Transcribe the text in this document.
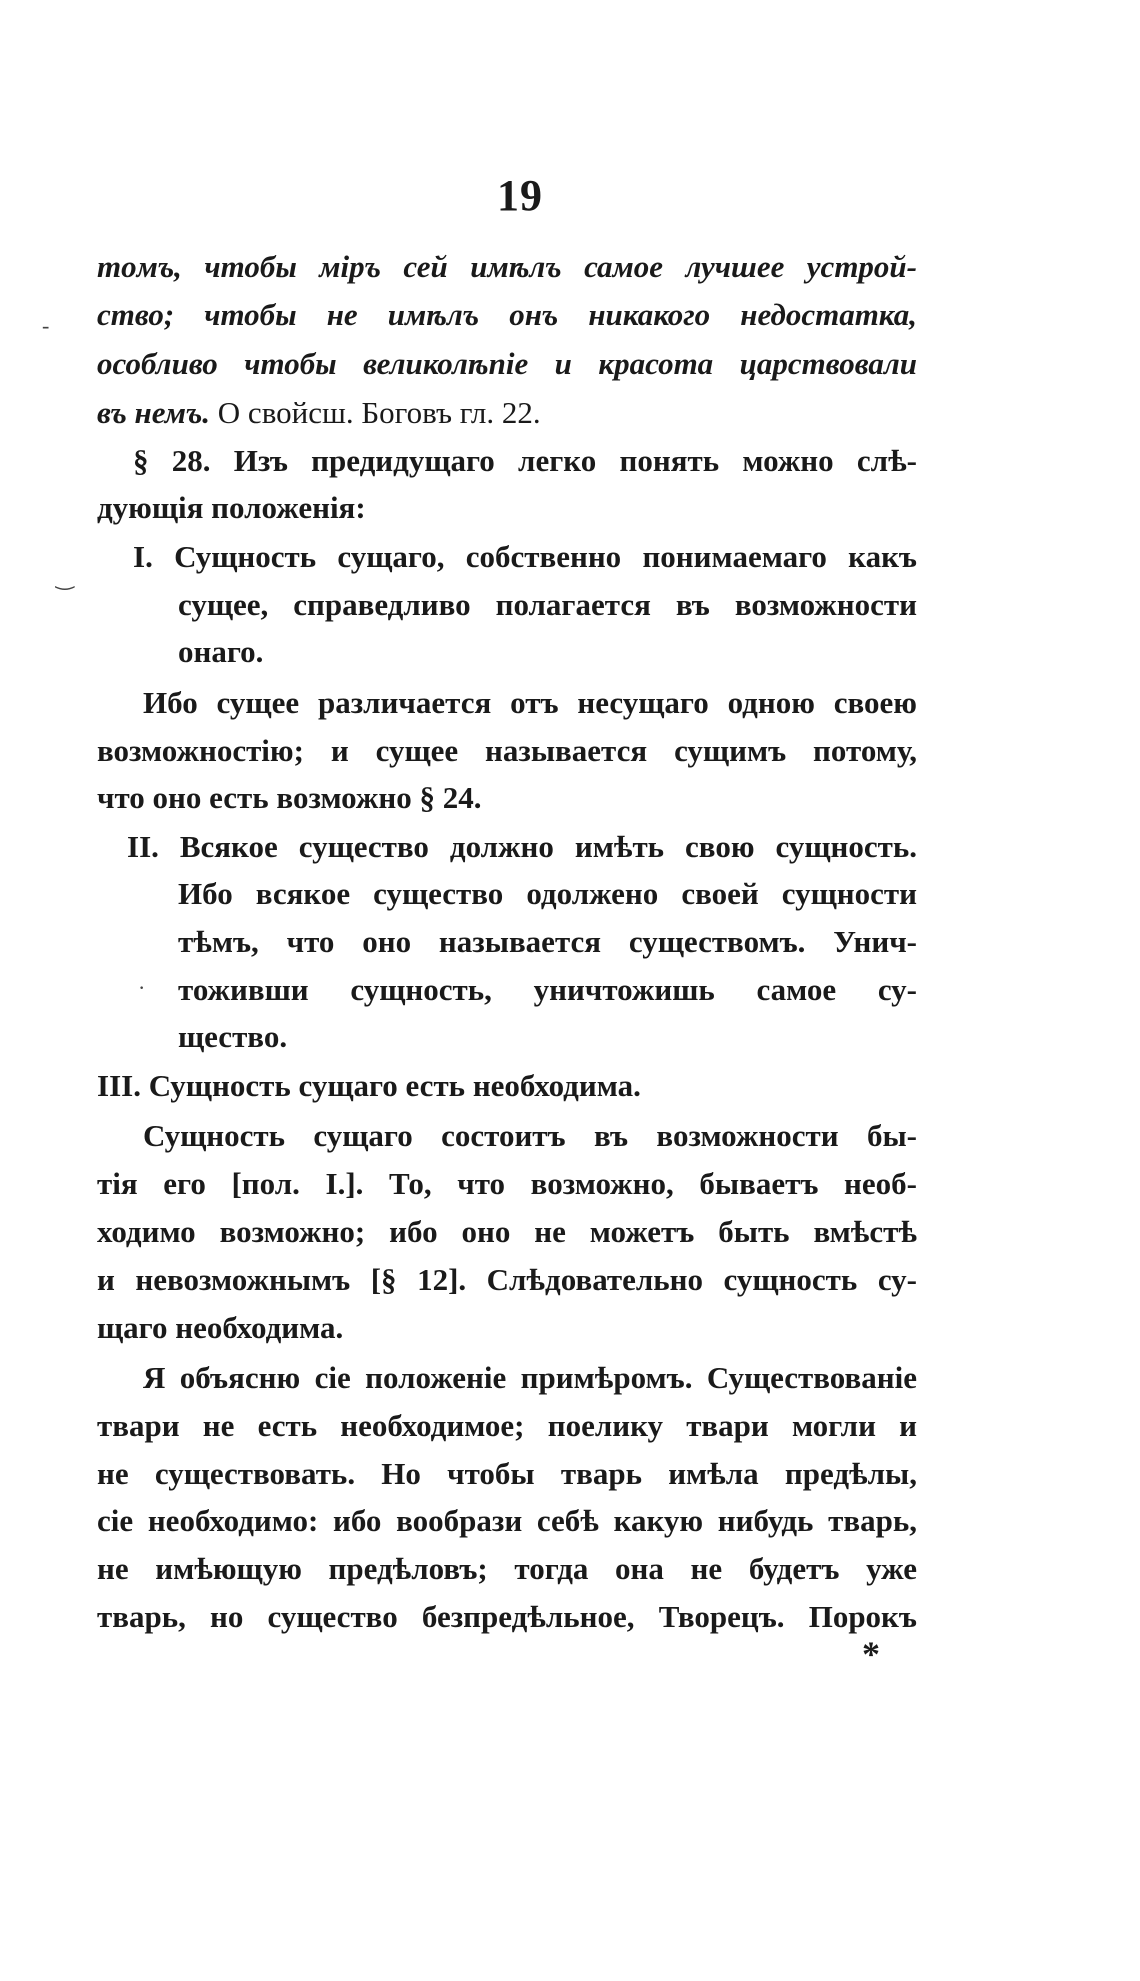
19
-
‿
·
тoмъ, чтобы міръ сей имѣлъ самое лучшее устрой-
ство; чтобы не имѣлъ онъ никакого недостатка,
особливо чтобы великолѣпіе и красота царствовали
въ немъ. О свойсш. Боговъ гл. 22.
§ 28. Изъ предидущаго легко понять можно слѣ-
дующія положенія:
I. Сущность сущаго, собственно понимаемаго какъ
сущее, справедливо полагается въ возможности
онаго.
Ибо сущее различается отъ несущаго одною своею
возможностію; и сущее называется сущимъ потому,
что оно есть возможно § 24.
II. Всякое существо должно имѣть свою сущность.
Ибо всякое существо одолжено своей сущности
тѣмъ, что оно называется существомъ. Унич-
тоживши сущность, уничтожишь самое су-
щество.
III. Сущность сущаго есть необходима.
Сущность сущаго состоитъ въ возможности бы-
тія его [пол. I.]. То, что возможно, бываетъ необ-
ходимо возможно; ибо оно не можетъ быть вмѣстѣ
и невозможнымъ [§ 12]. Слѣдовательно сущность су-
щаго необходима.
Я объясню сіе положеніе примѣромъ. Существованіе
твари не есть необходимое; поелику твари могли и
не существовать. Но чтобы тварь имѣла предѣлы,
сіе необходимо: ибо вообрази себѣ какую нибудь тварь,
не имѣющую предѣловъ; тогда она не будетъ уже
тварь, но существо безпредѣльное, Творецъ. Порокъ
*
